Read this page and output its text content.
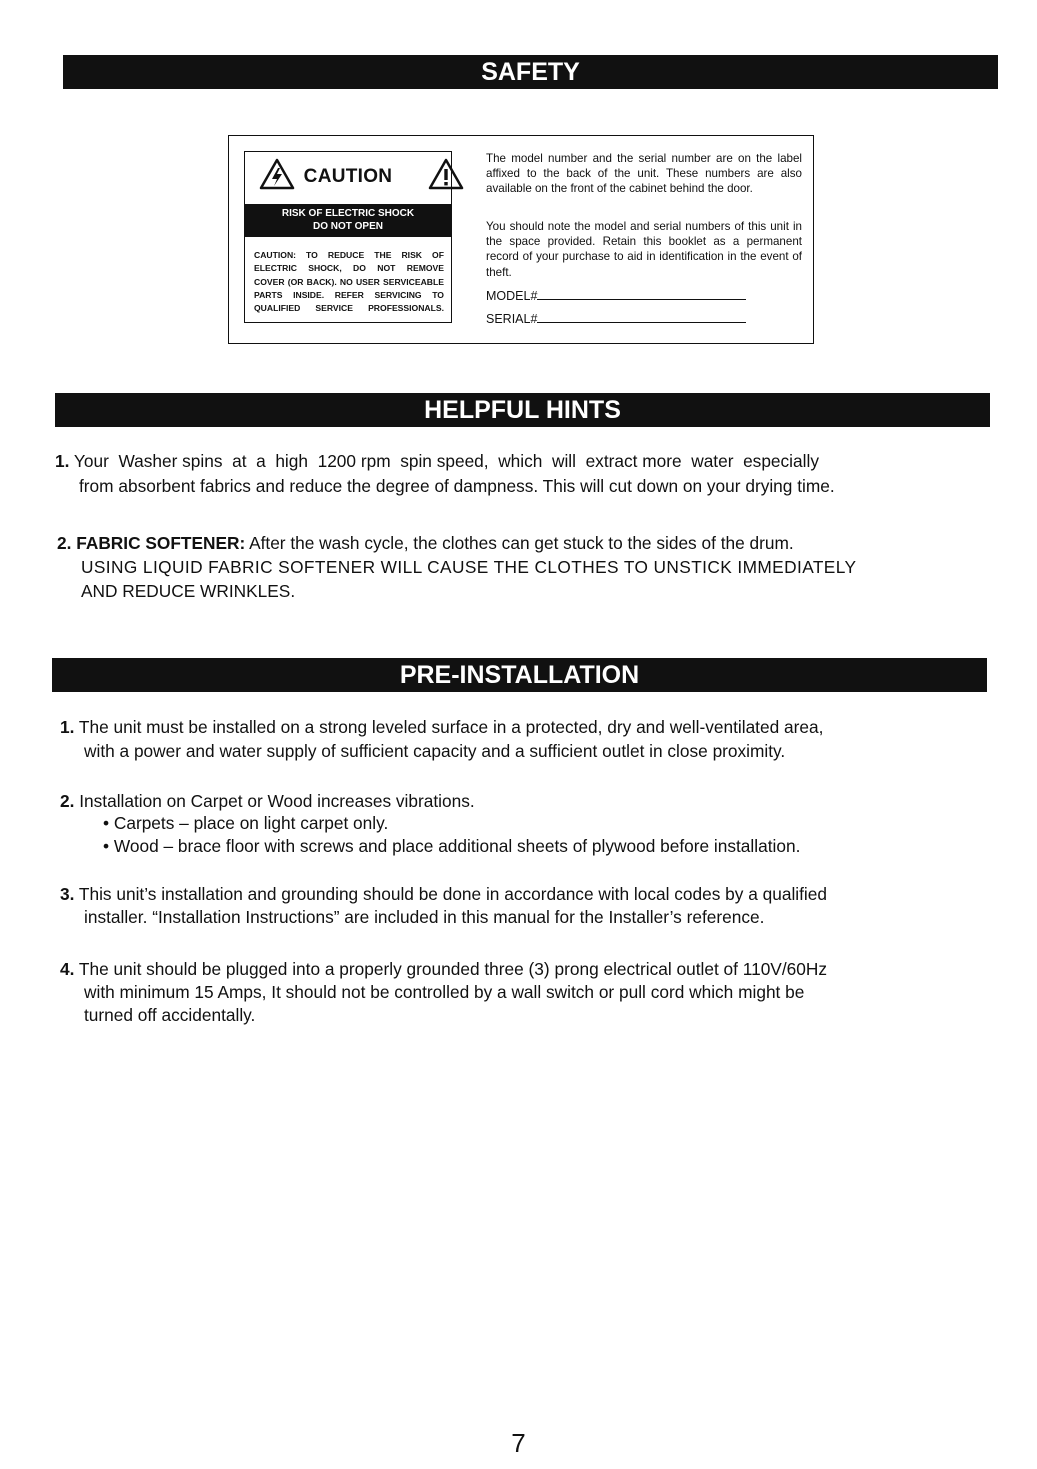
SAFETY
CAUTION
RISK OF ELECTRIC SHOCK
DO NOT OPEN
CAUTION: TO REDUCE THE RISK OF
ELECTRIC SHOCK, DO NOT REMOVE
COVER (OR BACK). NO USER SERVICEABLE
PARTS INSIDE. REFER SERVICING TO
QUALIFIED SERVICE PROFESSIONALS.
The model number and the serial number are on the label affixed to the back of the unit. These numbers are also available on the front of the cabinet behind the door.
You should note the model and serial numbers of this unit in the space provided. Retain this booklet as a permanent record of your purchase to aid in identification in the event of theft.
MODEL#
SERIAL#
HELPFUL HINTS
1. Your  Washer spins  at  a  high  1200 rpm  spin speed,  which  will  extract more  water  especially
from absorbent fabrics and reduce the degree of dampness. This will cut down on your drying time.
2. FABRIC SOFTENER: After the wash cycle, the clothes can get stuck to the sides of the drum.
USING LIQUID FABRIC SOFTENER WILL CAUSE THE CLOTHES TO UNSTICK IMMEDIATELY
AND REDUCE WRINKLES.
PRE-INSTALLATION
1. The unit must be installed on a strong leveled surface in a protected, dry and well-ventilated area,
with a power and water supply of sufficient capacity and a sufficient outlet in close proximity.
2. Installation on Carpet or Wood increases vibrations.
• Carpets – place on light carpet only.
• Wood – brace floor with screws and place additional sheets of plywood before installation.
3. This unit’s installation and grounding should be done in accordance with local codes by a qualified
installer. “Installation Instructions” are included in this manual for the Installer’s reference.
4. The unit should be plugged into a properly grounded three (3) prong electrical outlet of 110V/60Hz
with minimum 15 Amps, It should not be controlled by a wall switch or pull cord which might be
turned off accidentally.
7
